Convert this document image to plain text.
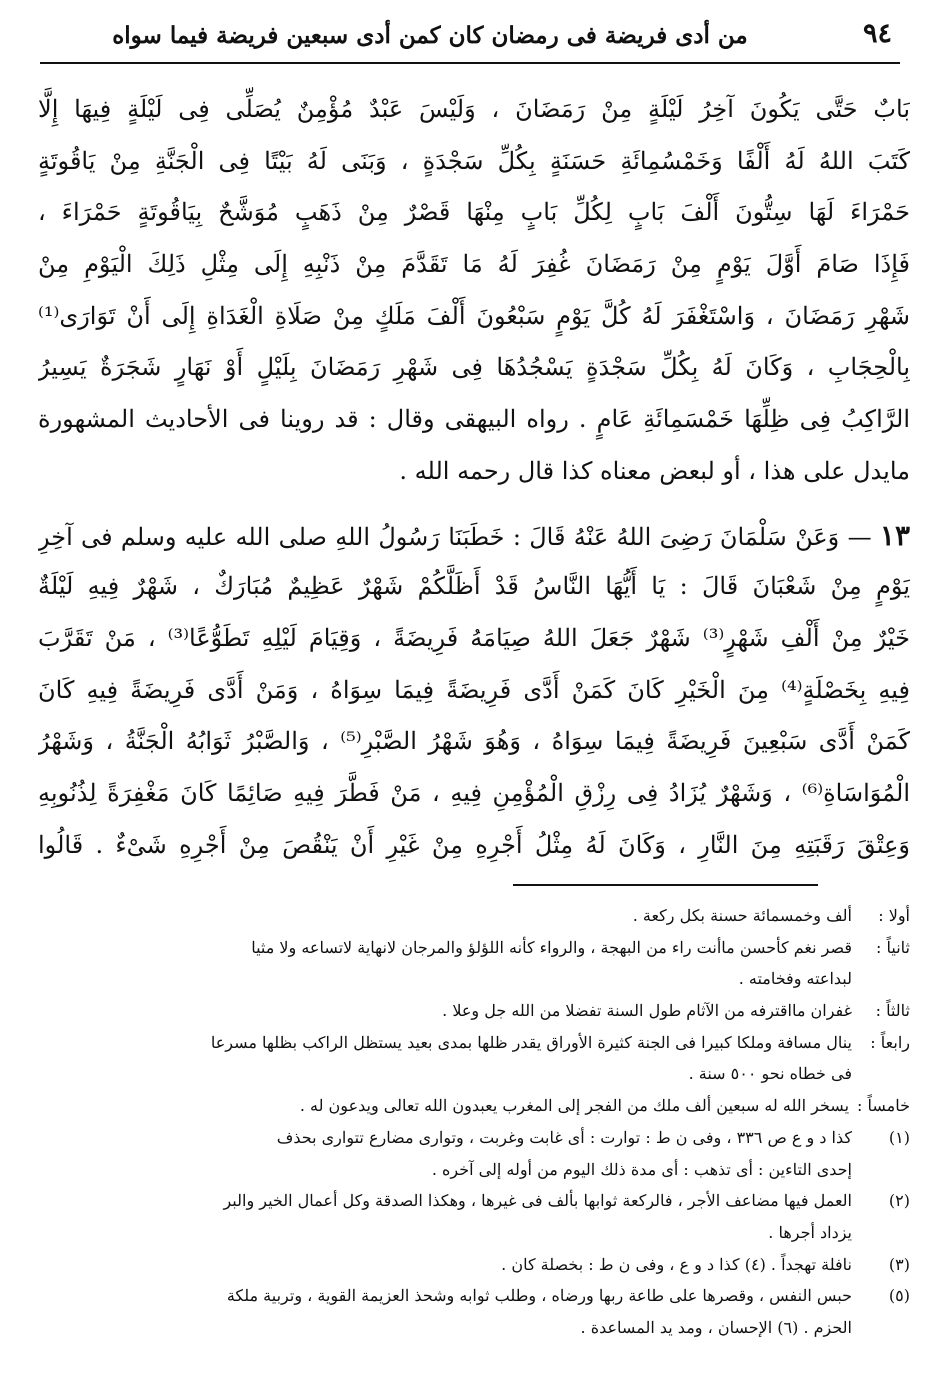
٩٤
من أدى فريضة فى رمضان كان كمن أدى سبعين فريضة فيما سواه
بَابٌ حَتَّى يَكُونَ آخِرُ لَيْلَةٍ مِنْ رَمَضَانَ ، وَلَيْسَ عَبْدٌ مُؤْمِنٌ يُصَلِّى فِى لَيْلَةٍ فِيهَا إِلَّا
كَتَبَ اللهُ لَهُ أَلْفًا وَخَمْسُمِائَةِ حَسَنَةٍ بِكُلِّ سَجْدَةٍ ، وَبَنَى لَهُ بَيْتًا فِى الْجَنَّةِ مِنْ يَاقُوتَةٍ
حَمْرَاءَ لَهَا سِتُّونَ أَلْفَ بَابٍ لِكُلِّ بَابٍ مِنْهَا قَصْرٌ مِنْ ذَهَبٍ مُوَشَّحٌ بِيَاقُوتَةٍ حَمْرَاءَ ،
فَإِذَا صَامَ أَوَّلَ يَوْمٍ مِنْ رَمَضَانَ غُفِرَ لَهُ مَا تَقَدَّمَ مِنْ ذَنْبِهِ إِلَى مِثْلِ ذَلِكَ الْيَوْمِ مِنْ
شَهْرِ رَمَضَانَ ، وَاسْتَغْفَرَ لَهُ كُلَّ يَوْمٍ سَبْعُونَ أَلْفَ مَلَكٍ مِنْ صَلَاةِ الْغَدَاةِ إِلَى أَنْ تَوَارَى⁽¹⁾
بِالْحِجَابِ ، وَكَانَ لَهُ بِكُلِّ سَجْدَةٍ يَسْجُدُهَا فِى شَهْرِ رَمَضَانَ بِلَيْلٍ أَوْ نَهَارٍ شَجَرَةٌ يَسِيرُ
الرَّاكِبُ فِى ظِلِّهَا خَمْسَمِائَةِ عَامٍ . رواه البيهقى وقال : قد روينا فى الأحاديث المشهورة
مايدل على هذا ، أو لبعض معناه كذا قال رحمه الله .
١٣ — وَعَنْ سَلْمَانَ رَضِىَ اللهُ عَنْهُ قَالَ : خَطَبَنَا رَسُولُ اللهِ صلى الله عليه وسلم فى آخِرِ
يَوْمٍ مِنْ شَعْبَانَ قَالَ : يَا أَيُّهَا النَّاسُ قَدْ أَظَلَّكُمْ شَهْرٌ عَظِيمٌ مُبَارَكٌ ، شَهْرٌ فِيهِ لَيْلَةٌ
خَيْرٌ مِنْ أَلْفِ شَهْرٍ⁽³⁾ شَهْرٌ جَعَلَ اللهُ صِيَامَهُ فَرِيضَةً ، وَقِيَامَ لَيْلِهِ تَطَوُّعًا⁽³⁾ ، مَنْ تَقَرَّبَ
فِيهِ بِخَصْلَةٍ⁽⁴⁾ مِنَ الْخَيْرِ كَانَ كَمَنْ أَدَّى فَرِيضَةً فِيمَا سِوَاهُ ، وَمَنْ أَدَّى فَرِيضَةً فِيهِ كَانَ
كَمَنْ أَدَّى سَبْعِينَ فَرِيضَةً فِيمَا سِوَاهُ ، وَهُوَ شَهْرُ الصَّبْرِ⁽⁵⁾ ، وَالصَّبْرُ ثَوَابُهُ الْجَنَّةُ ، وَشَهْرُ
الْمُوَاسَاةِ⁽⁶⁾ ، وَشَهْرٌ يُزَادُ فِى رِزْقِ الْمُؤْمِنِ فِيهِ ، مَنْ فَطَّرَ فِيهِ صَائِمًا كَانَ مَغْفِرَةً لِذُنُوبِهِ
وَعِتْقَ رَقَبَتِهِ مِنَ النَّارِ ، وَكَانَ لَهُ مِثْلُ أَجْرِهِ مِنْ غَيْرِ أَنْ يَنْقُصَ مِنْ أَجْرِهِ شَىْءٌ . قَالُوا
أولا :ألف وخمسمائة حسنة بكل ركعة .
ثانياً :قصر نغم كأحسن ماأنت راء من البهجة ، والرواء كأنه اللؤلؤ والمرجان لانهاية لاتساعه ولا مثيا
لبداعته وفخامته .
ثالثاً :غفران مااقترفه من الآثام طول السنة تفضلا من الله جل وعلا .
رابعاً :ينال مسافة وملكا كبيرا فى الجنة كثيرة الأوراق يقدر ظلها بمدى بعيد يستظل الراكب بظلها مسرعا
فى خطاه نحو ٥٠٠ سنة .
خامساً :يسخر الله له سبعين ألف ملك من الفجر إلى المغرب يعبدون الله تعالى ويدعون له .
(١)كذا د و ع ص ٣٣٦ ، وفى ن ط : توارت : أى غابت وغربت ، وتوارى مضارع تتوارى بحذف
إحدى التاءين : أى تذهب : أى مدة ذلك اليوم من أوله إلى آخره .
(٢)العمل فيها مضاعف الأجر ، فالركعة ثوابها بألف فى غيرها ، وهكذا الصدقة وكل أعمال الخير والبر
يزداد أجرها .
(٣)نافلة تهجداً . (٤) كذا د و ع ، وفى ن ط : بخصلة كان .
(٥)حبس النفس ، وقصرها على طاعة ربها ورضاه ، وطلب ثوابه وشحذ العزيمة القوية ، وتربية ملكة
الحزم . (٦) الإحسان ، ومد يد المساعدة .
